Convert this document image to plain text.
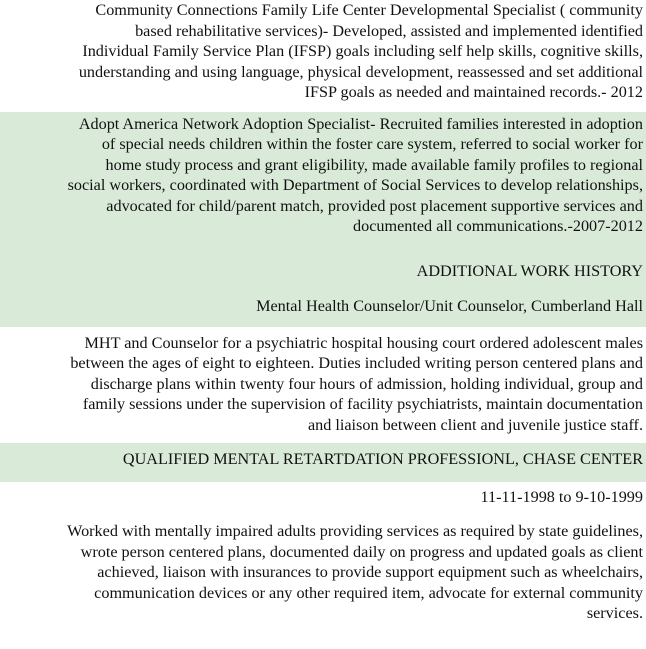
Community Connections Family Life Center Developmental Specialist ( community

based rehabilitative services)- Developed, assisted and implemented identified

Individual Family Service Plan (IFSP) goals including self help skills, cognitive skills,

understanding and using language, physical development, reassessed and set additional

IFSP goals as needed and maintained records.- 2012

Adopt America Network Adoption Specialist- Recruited families interested in adoption

of special needs children within the foster care system, referred to social worker for

home study process and grant eligibility, made available family profiles to regional

social workers, coordinated with Department of Social Services to develop relationships,

advocated for child/parent match, provided post placement supportive services and

documented all communications.-2007-2012

ADDITIONAL WORK HISTORY

Mental Health Counselor/Unit Counselor, Cumberland Hall

MHT and Counselor for a psychiatric hospital housing court ordered adolescent males

between the ages of eight to eighteen. Duties included writing person centered plans and

discharge plans within twenty four hours of admission, holding individual, group and

family sessions under the supervision of facility psychiatrists, maintain documentation

and liaison between client and juvenile justice staff.

QUALIFIED MENTAL RETARTDATION PROFESSIONL, CHASE CENTER

11-11-1998 to 9-10-1999

Worked with mentally impaired adults providing services as required by state guidelines,

wrote person centered plans, documented daily on progress and updated goals as client

achieved, liaison with insurances to provide support equipment such as wheelchairs,

communication devices or any other required item, advocate for external community

services.
